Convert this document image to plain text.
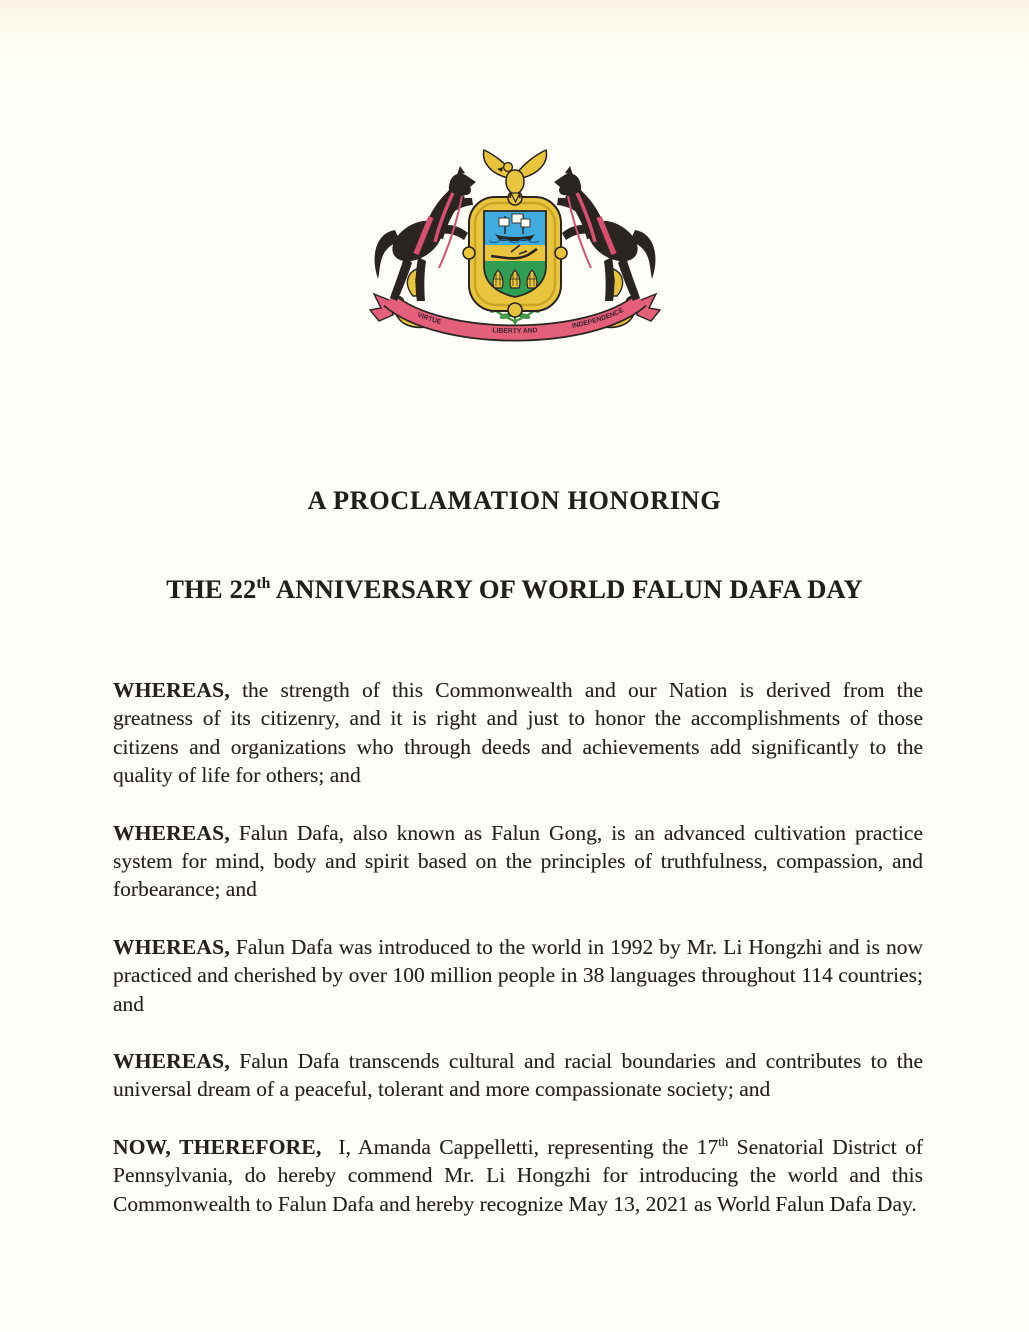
VIRTUE
LIBERTY AND
INDEPENDENCE
A PROCLAMATION HONORING
THE 22th ANNIVERSARY OF WORLD FALUN DAFA DAY

WHEREAS, the strength of this Commonwealth and our Nation is derived from the greatness of its citizenry, and it is right and just to honor the accomplishments of those citizens and organizations who through deeds and achievements add significantly to the quality of life for others; and

WHEREAS, Falun Dafa, also known as Falun Gong, is an advanced cultivation practice system for mind, body and spirit based on the principles of truthfulness, compassion, and forbearance; and

WHEREAS, Falun Dafa was introduced to the world in 1992 by Mr. Li Hongzhi and is now practiced and cherished by over 100 million people in 38 languages throughout 114 countries; and

WHEREAS, Falun Dafa transcends cultural and racial boundaries and contributes to the universal dream of a peaceful, tolerant and more compassionate society; and

NOW, THEREFORE,  I, Amanda Cappelletti, representing the 17th Senatorial District of Pennsylvania, do hereby commend Mr. Li Hongzhi for introducing the world and this Commonwealth to Falun Dafa and hereby recognize May 13, 2021 as World Falun Dafa Day.
